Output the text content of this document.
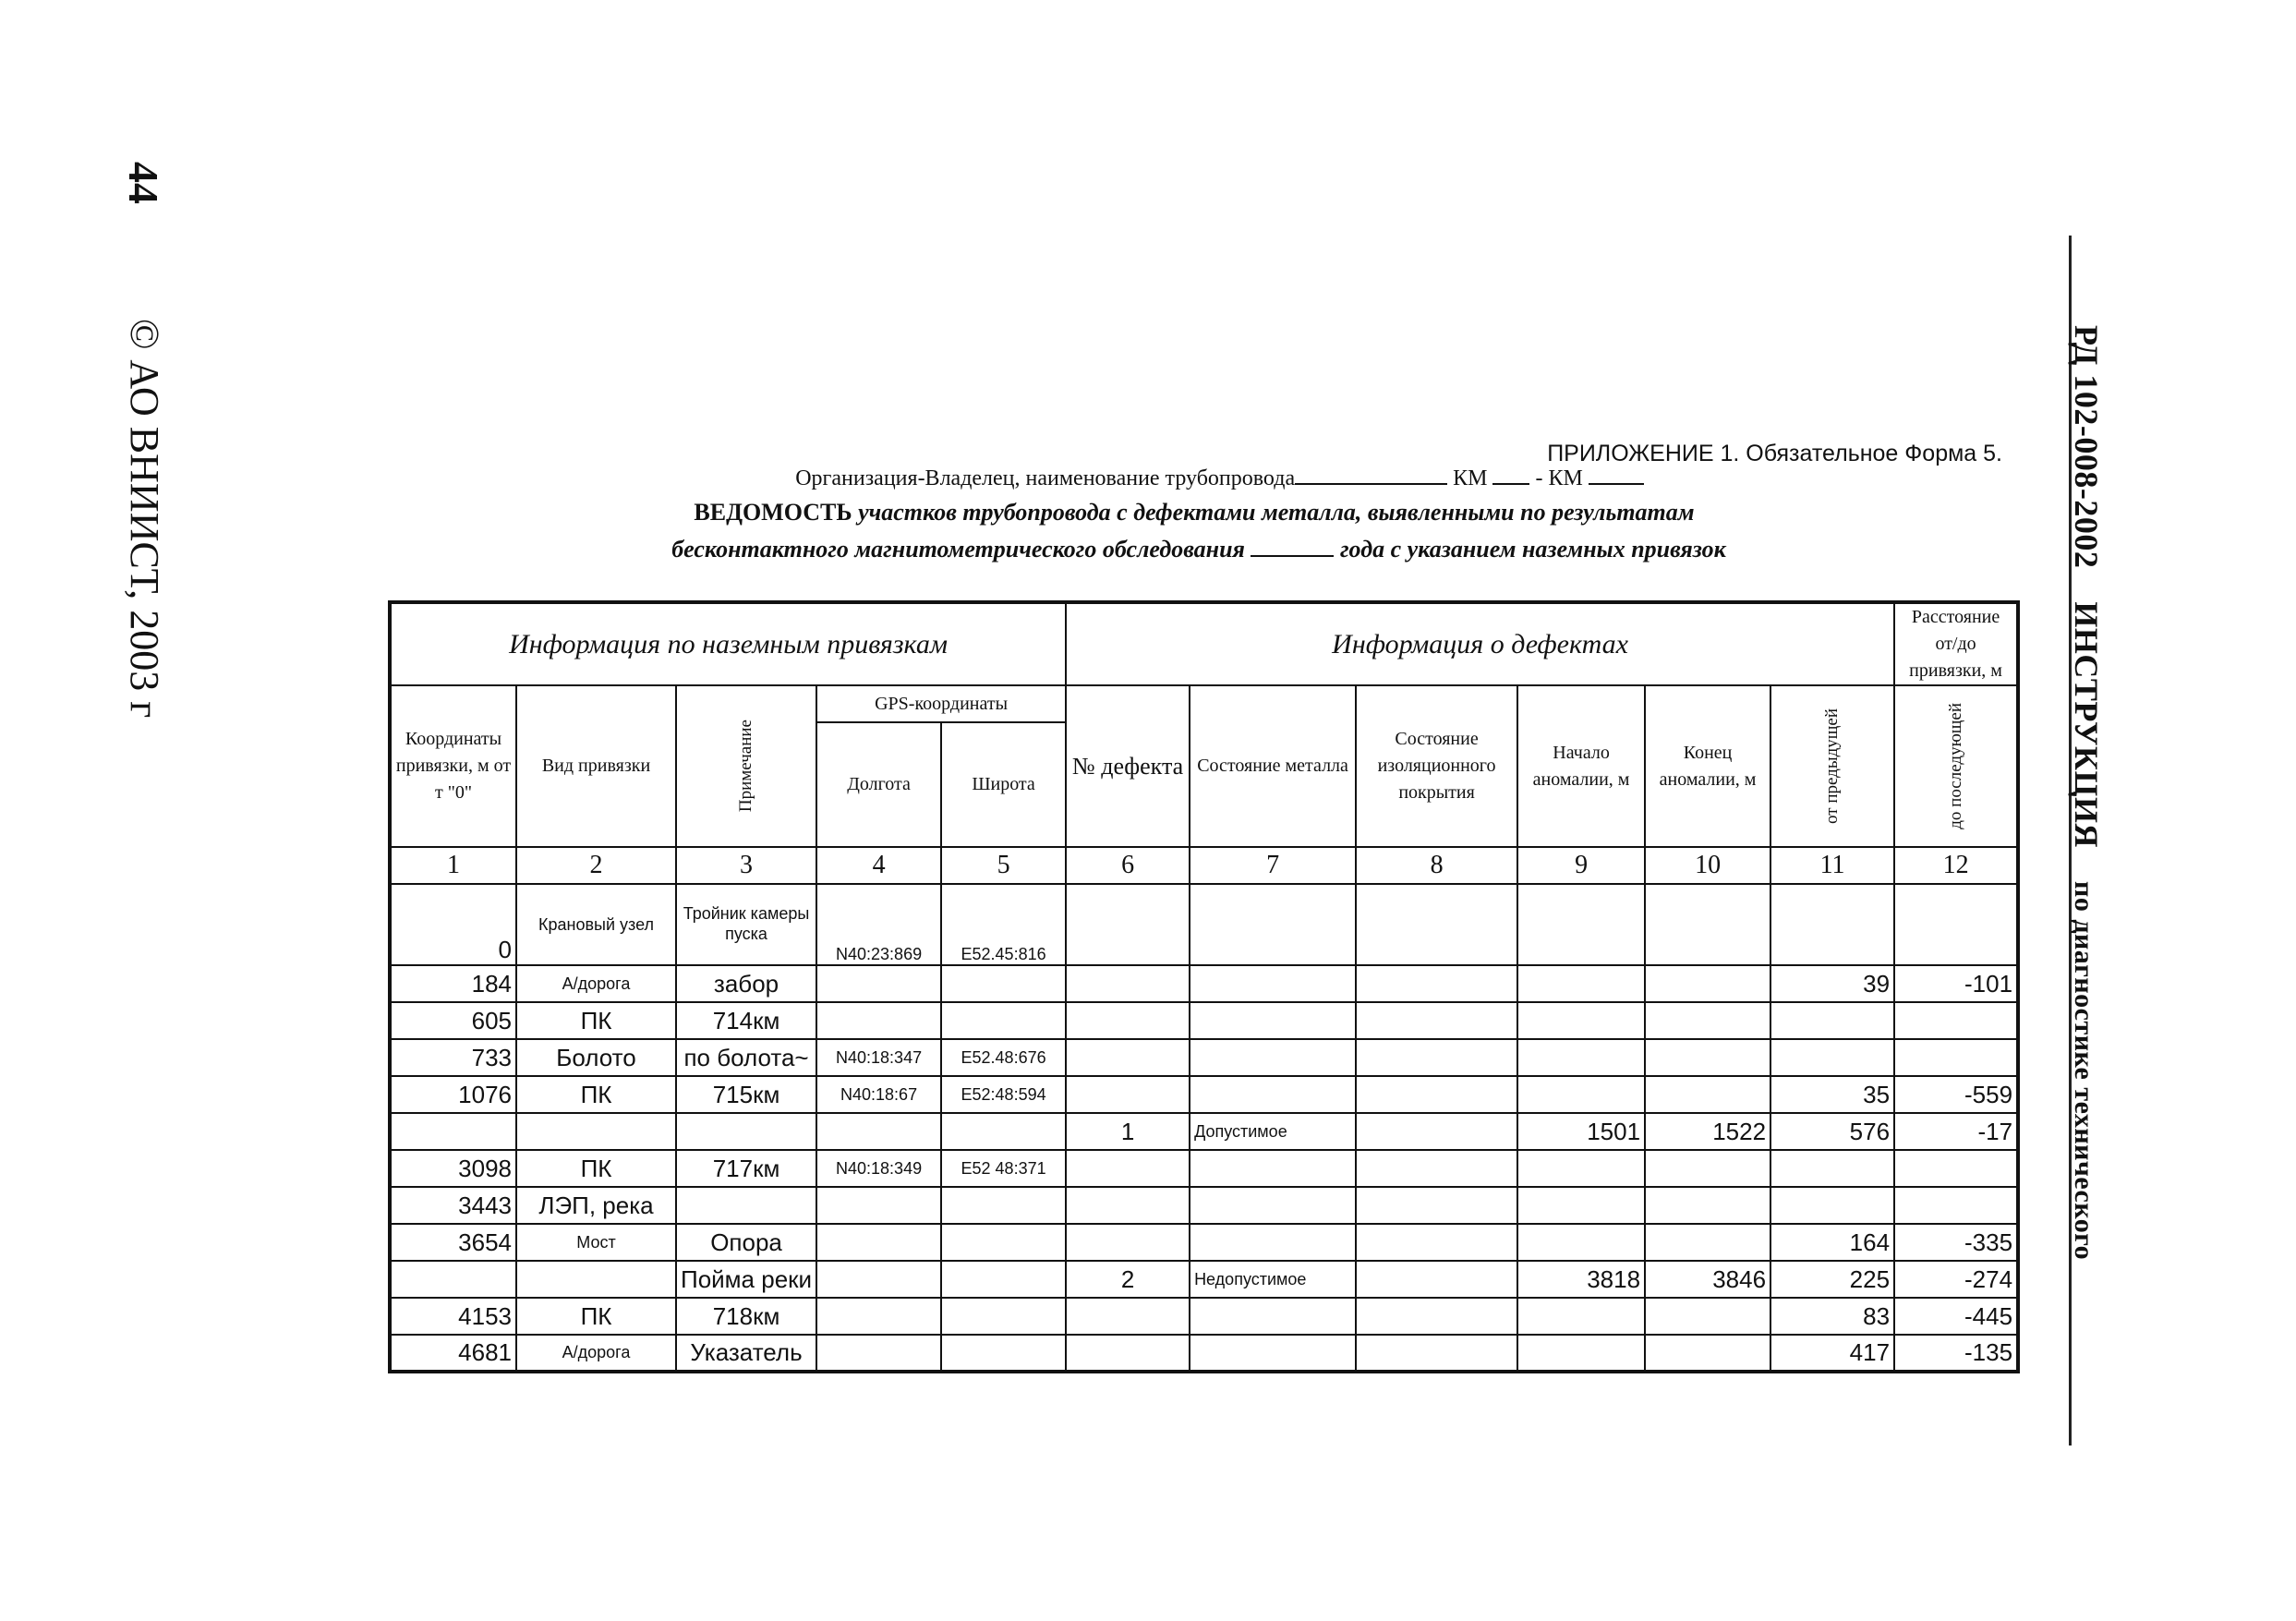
44
© АО ВНИИСТ, 2003 г	РД 102-008-2002 ИНСТРУКЦИЯ по диагностике технического
ПРИЛОЖЕНИЕ 1. Обязательное Форма 5.
Организация-Владелец, наименование трубопровода	КМ - КМ
ВЕДОМОСТЬ участков трубопровода с дефектами металла, выявленными по результатам
бесконтактного магнитометрического обследования	года с указанием наземных привязок
Информация по наземным привязкам					Информация о дефектах						Расстояние от/до привязки, м
Координаты привязки, м от т "0"	Вид привязки	Примечание	GPS-координаты		№ дефекта	Состояние металла	Состояние изоляционного покрытия	Начало аномалии, м	Конец аномалии, м	от предыдущей	до последующей

			Долгота	Широта							
1	2	3	4	5	6	7	8	9	10	11	12
0	Крановый узел	Тройник камеры пуска	N40:23:869	E52.45:816							
184	А/дорога	забор								39	-101
605	ПК	714км									
733	Болото	по болота~	N40:18:347	E52.48:676							
1076	ПК	715км	N40:18:67	E52:48:594						35	-559
					1	Допустимое		1501	1522	576	-17
3098	ПК	717км	N40:18:349	E52 48:371							
3443	ЛЭП, река										
3654	Мост	Опора								164	-335
		Пойма реки			2	Недопустимое		3818	3846	225	-274
4153	ПК	718км								83	-445
4681	А/дорога	Указатель								417	-135
